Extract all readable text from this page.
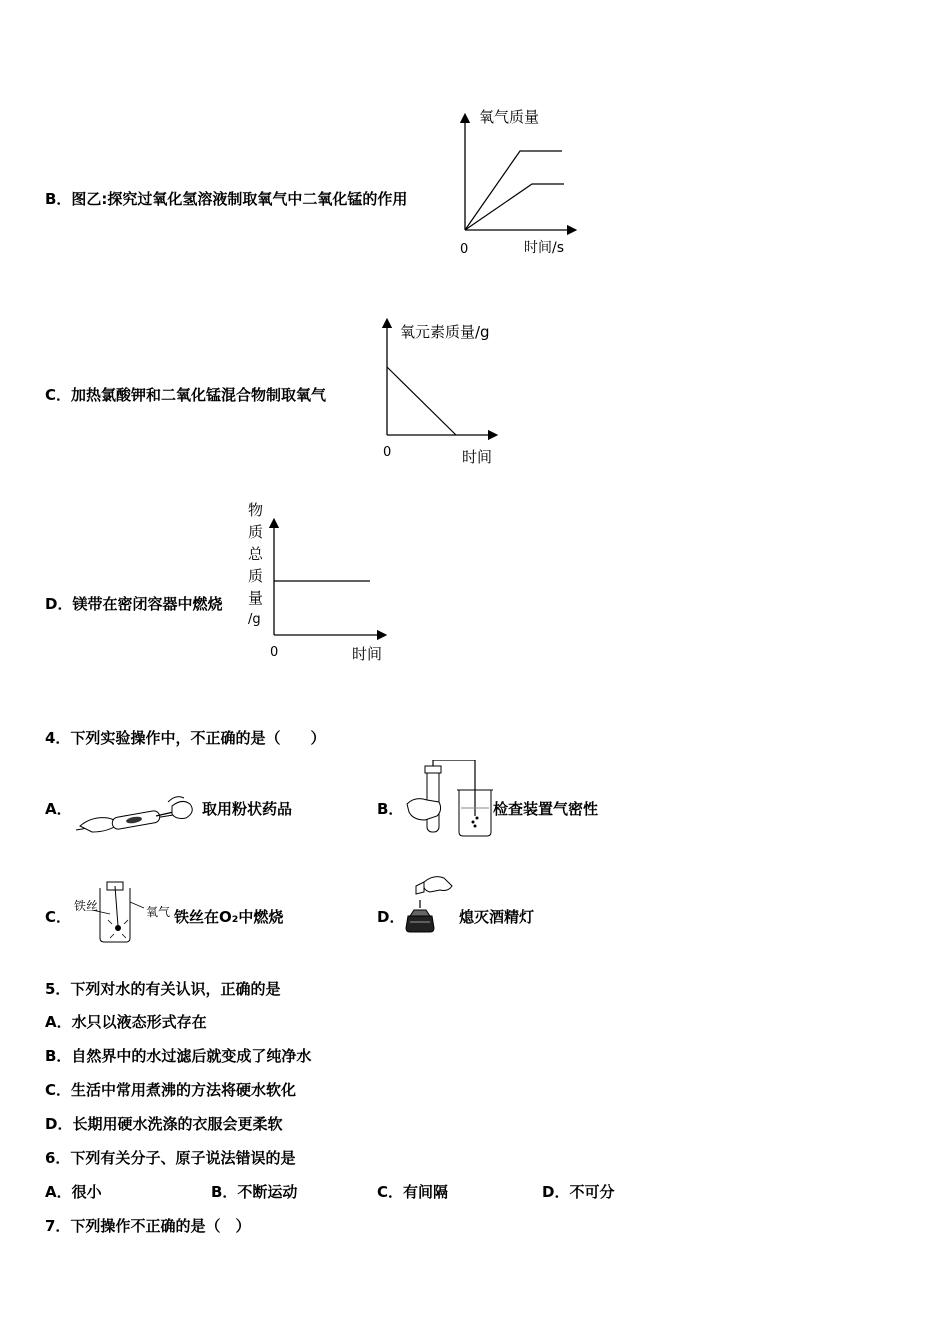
B．图乙:探究过氧化氢溶液制取氧气中二氧化锰的作用
氧气质量
时间/s
0
C．加热氯酸钾和二氧化锰混合物制取氧气
氧元素质量/g
时间
0
D．镁带在密闭容器中燃烧
物
质
总
质
量
/g
时间
0
4．下列实验操作中，不正确的是（　　）
A．	取用粉状药品	B．	检查装置气密性
C．
铁丝	氧气 铁丝在O₂中燃烧	D．	熄灭酒精灯
5．下列对水的有关认识，正确的是
A．水只以液态形式存在
B．自然界中的水过滤后就变成了纯净水
C．生活中常用煮沸的方法将硬水软化
D．长期用硬水洗涤的衣服会更柔软
6．下列有关分子、原子说法错误的是
A．很小	B．不断运动	C．有间隔	D．不可分
7．下列操作不正确的是（　）
